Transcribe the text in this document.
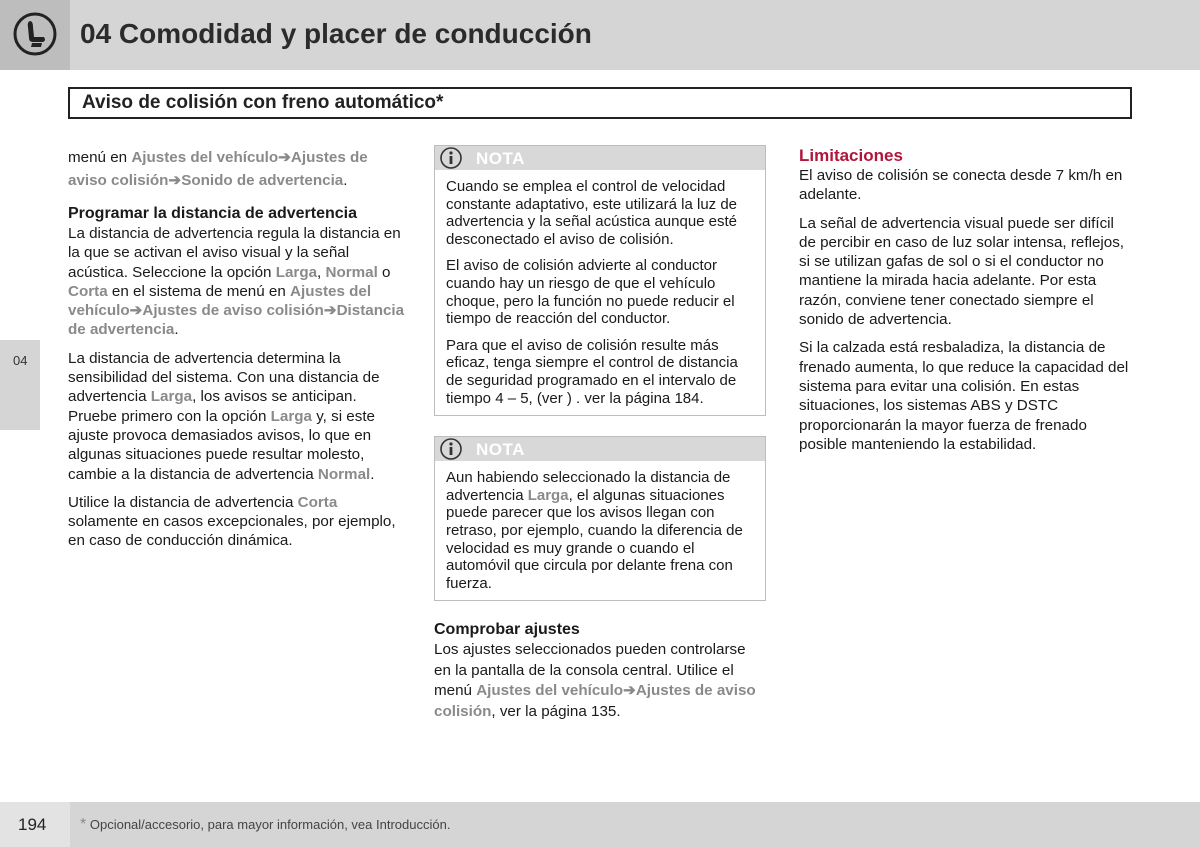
04 Comodidad y placer de conducción
Aviso de colisión con freno automático*
04

menú en Ajustes del vehículo➔Ajustes de aviso colisión➔Sonido de advertencia.

Programar la distancia de advertencia

La distancia de advertencia regula la distancia en la que se activan el aviso visual y la señal acústica. Seleccione la opción Larga, Normal o Corta en el sistema de menú en Ajustes del vehículo➔Ajustes de aviso colisión➔Distancia de advertencia.

La distancia de advertencia determina la sensibilidad del sistema. Con una distancia de advertencia Larga, los avisos se anticipan. Pruebe primero con la opción Larga y, si este ajuste provoca demasiados avisos, lo que en algunas situaciones puede resultar molesto, cambie a la distancia de advertencia Normal.

Utilice la distancia de advertencia Corta solamente en casos excepcionales, por ejemplo, en caso de conducción dinámica.

NOTA

Cuando se emplea el control de velocidad constante adaptativo, este utilizará la luz de advertencia y la señal acústica aunque esté desconectado el aviso de colisión.

El aviso de colisión advierte al conductor cuando hay un riesgo de que el vehículo choque, pero la función no puede reducir el tiempo de reacción del conductor.

Para que el aviso de colisión resulte más eficaz, tenga siempre el control de distancia de seguridad programado en el intervalo de tiempo 4 – 5, (ver ) . ver la página 184.

NOTA

Aun habiendo seleccionado la distancia de advertencia Larga, el algunas situaciones puede parecer que los avisos llegan con retraso, por ejemplo, cuando la diferencia de velocidad es muy grande o cuando el automóvil que circula por delante frena con fuerza.

Comprobar ajustes

Los ajustes seleccionados pueden controlarse en la pantalla de la consola central. Utilice el menú Ajustes del vehículo➔Ajustes de aviso colisión, ver la página 135.

Limitaciones

El aviso de colisión se conecta desde 7 km/h en adelante.

La señal de advertencia visual puede ser difícil de percibir en caso de luz solar intensa, reflejos, si se utilizan gafas de sol o si el conductor no mantiene la mirada hacia adelante. Por esta razón, conviene tener conectado siempre el sonido de advertencia.

Si la calzada está resbaladiza, la distancia de frenado aumenta, lo que reduce la capacidad del sistema para evitar una colisión. En estas situaciones, los sistemas ABS y DSTC proporcionarán la mayor fuerza de frenado posible manteniendo la estabilidad.

194 * Opcional/accesorio, para mayor información, vea Introducción.
